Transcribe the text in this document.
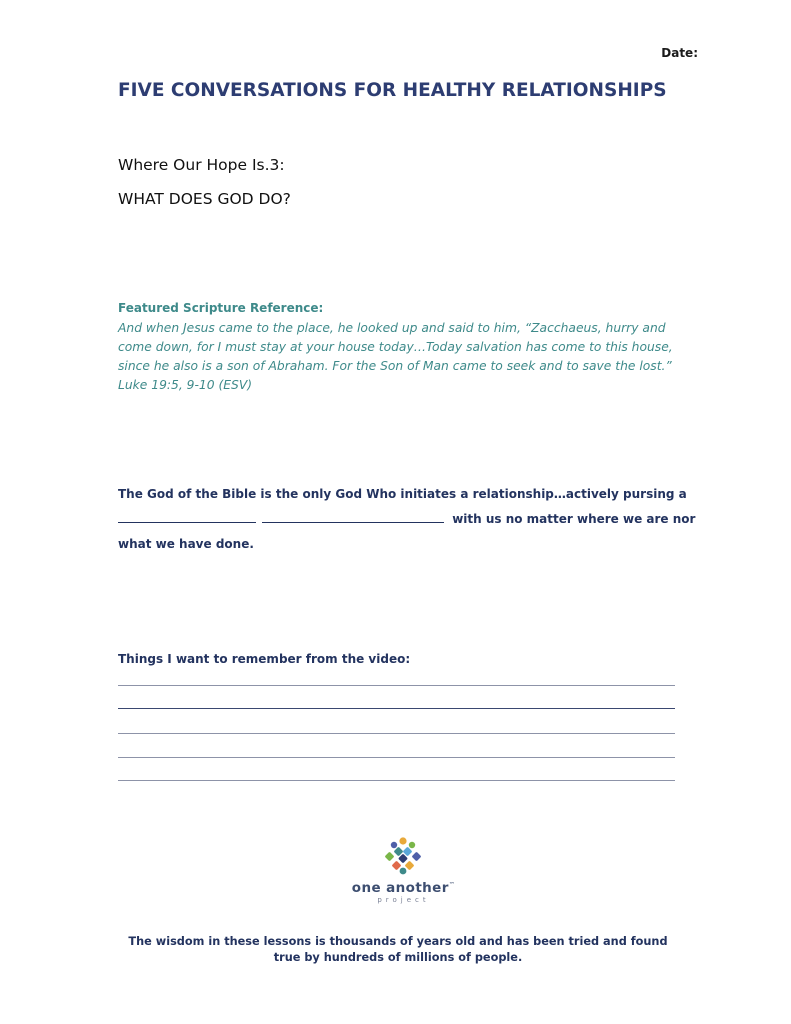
Date:
FIVE CONVERSATIONS FOR HEALTHY RELATIONSHIPS
Where Our Hope Is.3:
WHAT DOES GOD DO?
Featured Scripture Reference:
And when Jesus came to the place, he looked up and said to him, “Zacchaeus, hurry and
come down, for I must stay at your house today…Today salvation has come to this house,
since he also is a son of Abraham. For the Son of Man came to seek and to save the lost.”
Luke 19:5, 9-10 (ESV)
The God of the Bible is the only God Who initiates a relationship…actively pursing a
with us no matter where we are nor what we have done.
Things I want to remember from the video:
one another™
project
The wisdom in these lessons is thousands of years old and has been tried and found true by hundreds of millions of people.
